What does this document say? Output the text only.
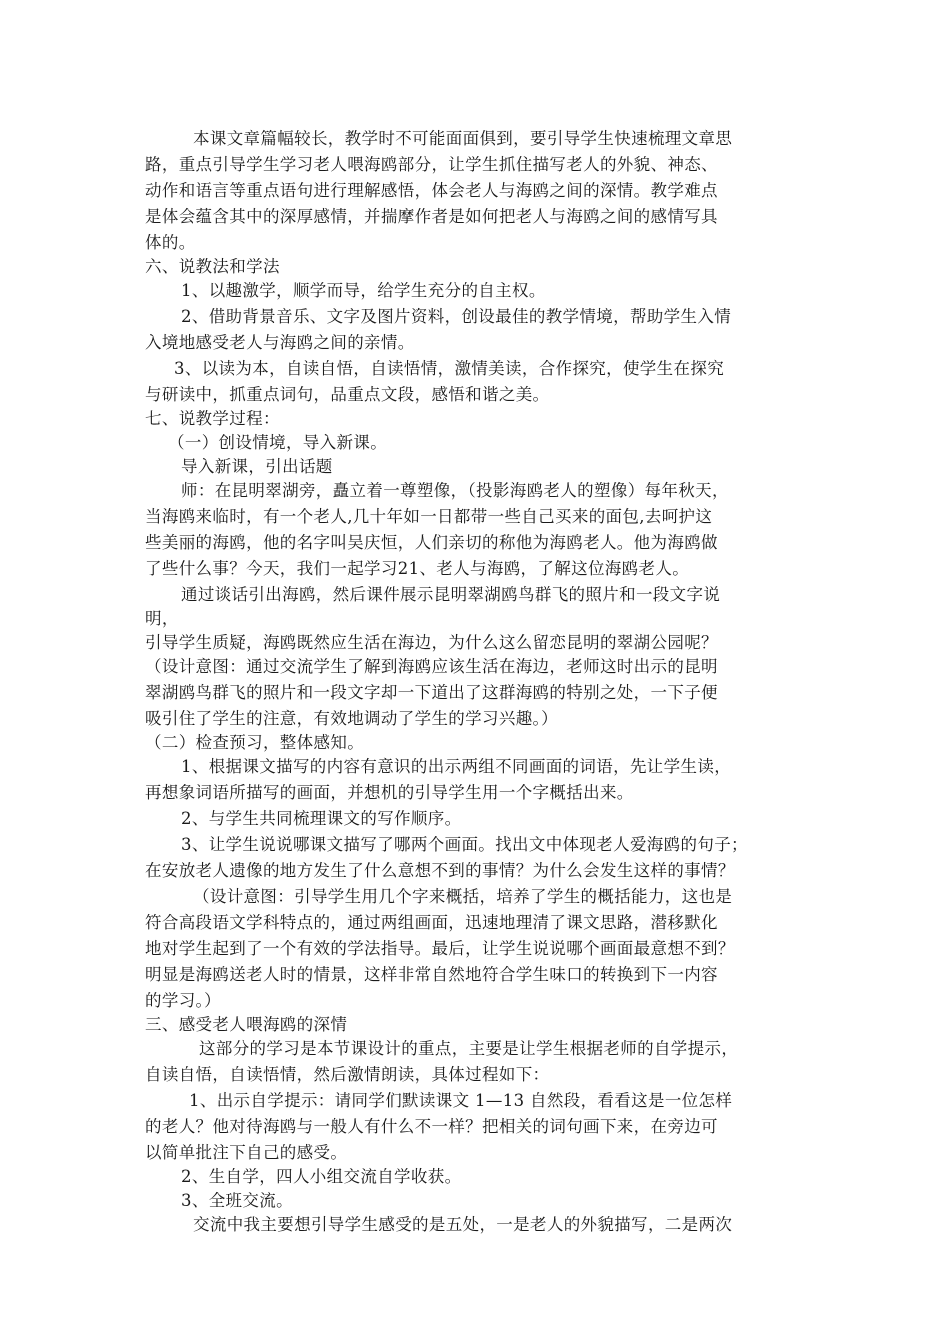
本课文章篇幅较长，教学时不可能面面俱到，要引导学生快速梳理文章思

路，重点引导学生学习老人喂海鸥部分，让学生抓住描写老人的外貌、神态、

动作和语言等重点语句进行理解感悟，体会老人与海鸥之间的深情。教学难点

是体会蕴含其中的深厚感情，并揣摩作者是如何把老人与海鸥之间的感情写具

体的。

六、说教法和学法

1、以趣激学，顺学而导，给学生充分的自主权。

2、借助背景音乐、文字及图片资料，创设最佳的教学情境，帮助学生入情

入境地感受老人与海鸥之间的亲情。

3、以读为本，自读自悟，自读悟情，激情美读，合作探究，使学生在探究

与研读中，抓重点词句，品重点文段，感悟和谐之美。

七、说教学过程：

（一）创设情境，导入新课。

导入新课，引出话题

师：在昆明翠湖旁，矗立着一尊塑像，（投影海鸥老人的塑像）每年秋天，

当海鸥来临时，有一个老人,几十年如一日都带一些自己买来的面包,去呵护这

些美丽的海鸥，他的名字叫吴庆恒，人们亲切的称他为海鸥老人。他为海鸥做

了些什么事？今天，我们一起学习21、老人与海鸥，了解这位海鸥老人。

通过谈话引出海鸥，然后课件展示昆明翠湖鸥鸟群飞的照片和一段文字说

明，

引导学生质疑，海鸥既然应生活在海边，为什么这么留恋昆明的翠湖公园呢？

（设计意图：通过交流学生了解到海鸥应该生活在海边，老师这时出示的昆明

翠湖鸥鸟群飞的照片和一段文字却一下道出了这群海鸥的特别之处，一下子便

吸引住了学生的注意，有效地调动了学生的学习兴趣。）

（二）检查预习，整体感知。

1、根据课文描写的内容有意识的出示两组不同画面的词语，先让学生读，

再想象词语所描写的画面，并想机的引导学生用一个字概括出来。

2、与学生共同梳理课文的写作顺序。

3、让学生说说哪课文描写了哪两个画面。找出文中体现老人爱海鸥的句子；

在安放老人遗像的地方发生了什么意想不到的事情？为什么会发生这样的事情？

（设计意图：引导学生用几个字来概括，培养了学生的概括能力，这也是

符合高段语文学科特点的，通过两组画面，迅速地理清了课文思路，潜移默化

地对学生起到了一个有效的学法指导。最后，让学生说说哪个画面最意想不到？

明显是海鸥送老人时的情景，这样非常自然地符合学生味口的转换到下一内容

的学习。）

三、感受老人喂海鸥的深情

这部分的学习是本节课设计的重点，主要是让学生根据老师的自学提示，

自读自悟，自读悟情，然后激情朗读，具体过程如下：

1、出示自学提示：请同学们默读课文 1—13 自然段，看看这是一位怎样

的老人？他对待海鸥与一般人有什么不一样？把相关的词句画下来，在旁边可

以简单批注下自己的感受。

2、生自学，四人小组交流自学收获。

3、全班交流。

交流中我主要想引导学生感受的是五处，一是老人的外貌描写，二是两次
